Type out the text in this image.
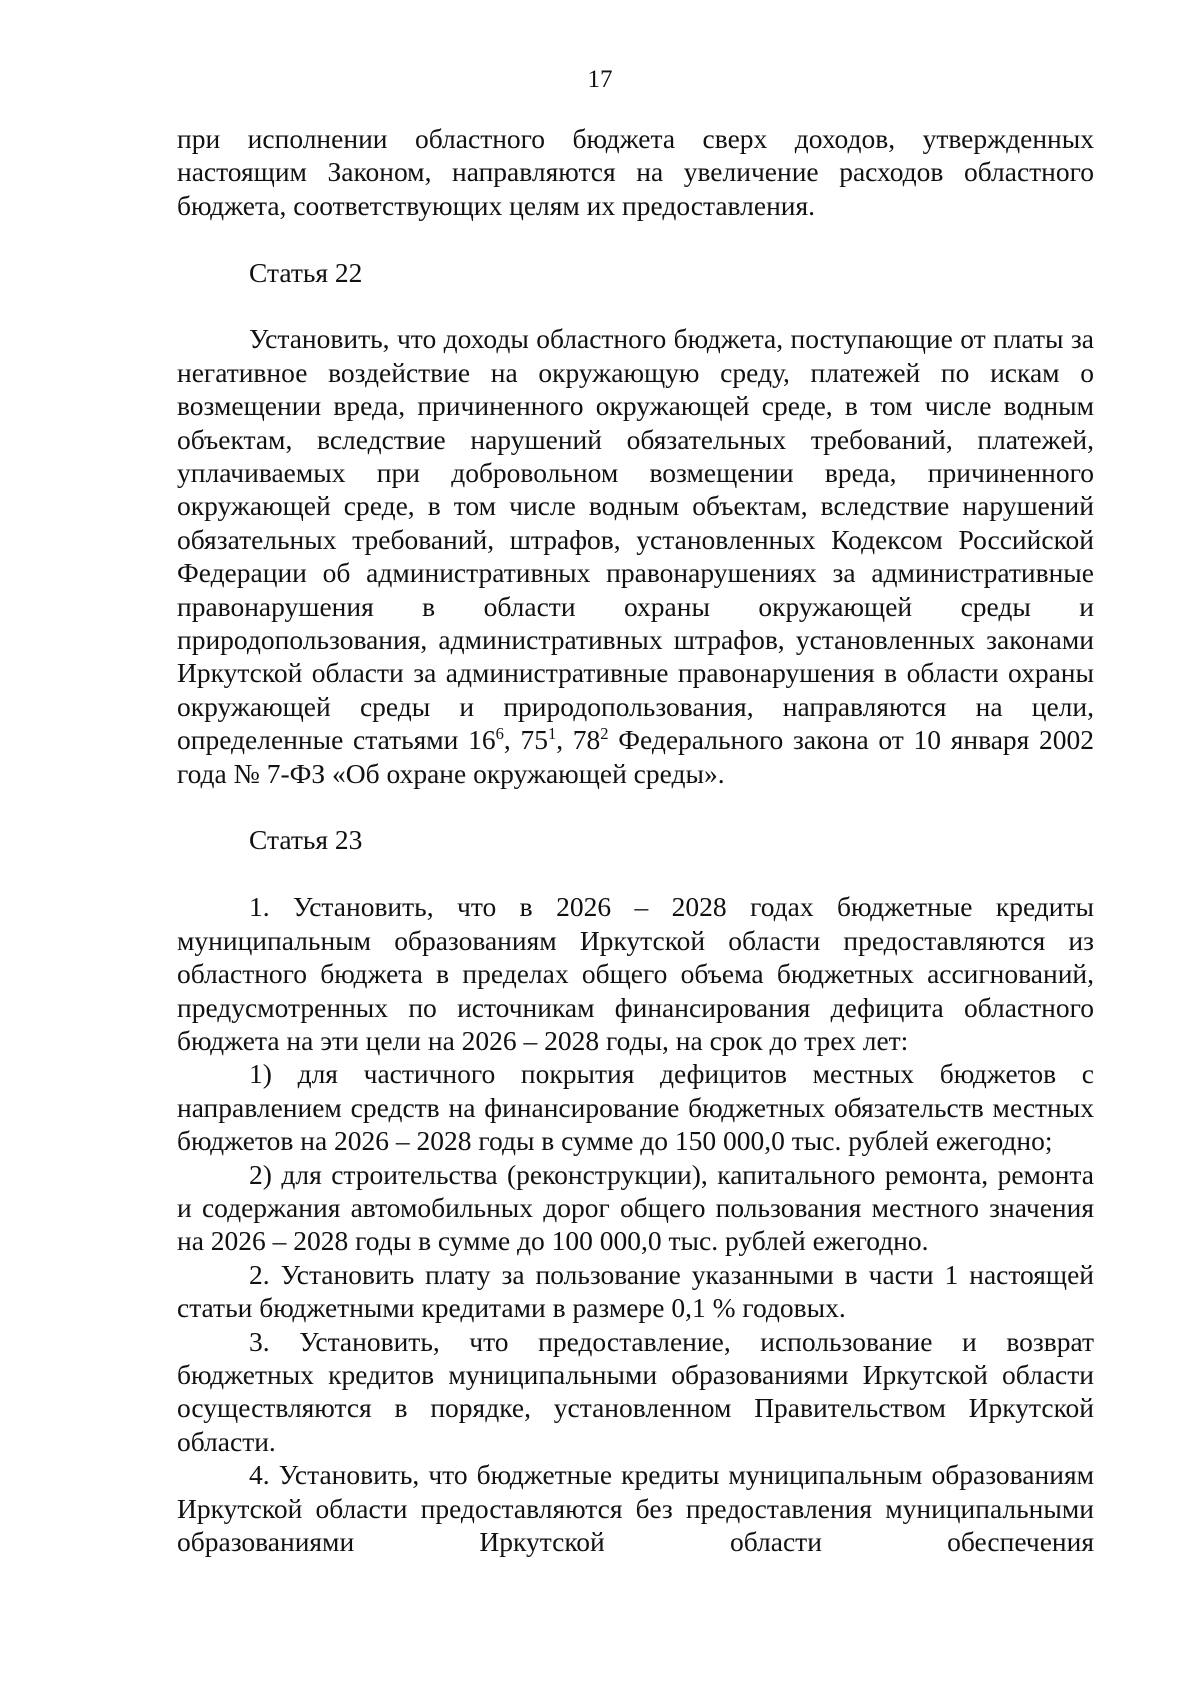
17

при исполнении областного бюджета сверх доходов, утвержденных настоящим Законом, направляются на увеличение расходов областного бюджета, соответствующих целям их предоставления.

Статья 22

Установить, что доходы областного бюджета, поступающие от платы за негативное воздействие на окружающую среду, платежей по искам о возмещении вреда, причиненного окружающей среде, в том числе водным объектам, вследствие нарушений обязательных требований, платежей, уплачиваемых при добровольном возмещении вреда, причиненного окружающей среде, в том числе водным объектам, вследствие нарушений обязательных требований, штрафов, установленных Кодексом Российской Федерации об административных правонарушениях за административные правонарушения в области охраны окружающей среды и природопользования, административных штрафов, установленных законами Иркутской области за административные правонарушения в области охраны окружающей среды и природопользования, направляются на цели, определенные статьями $16^6$, $75^1$, $78^2$ Федерального закона от 10 января 2002 года № 7-ФЗ «Об охране окружающей среды».

Статья 23

1. Установить, что в 2026 – 2028 годах бюджетные кредиты муниципальным образованиям Иркутской области предоставляются из областного бюджета в пределах общего объема бюджетных ассигнований, предусмотренных по источникам финансирования дефицита областного бюджета на эти цели на 2026 – 2028 годы, на срок до трех лет:

1) для частичного покрытия дефицитов местных бюджетов с направлением средств на финансирование бюджетных обязательств местных бюджетов на 2026 – 2028 годы в сумме до 150 000,0 тыс. рублей ежегодно;

2) для строительства (реконструкции), капитального ремонта, ремонта и содержания автомобильных дорог общего пользования местного значения на 2026 – 2028 годы в сумме до 100 000,0 тыс. рублей ежегодно.

2. Установить плату за пользование указанными в части 1 настоящей статьи бюджетными кредитами в размере 0,1 % годовых.

3. Установить, что предоставление, использование и возврат бюджетных кредитов муниципальными образованиями Иркутской области осуществляются в порядке, установленном Правительством Иркутской области.

4. Установить, что бюджетные кредиты муниципальным образованиям Иркутской области предоставляются без предоставления муниципальными образованиями Иркутской области обеспечения
